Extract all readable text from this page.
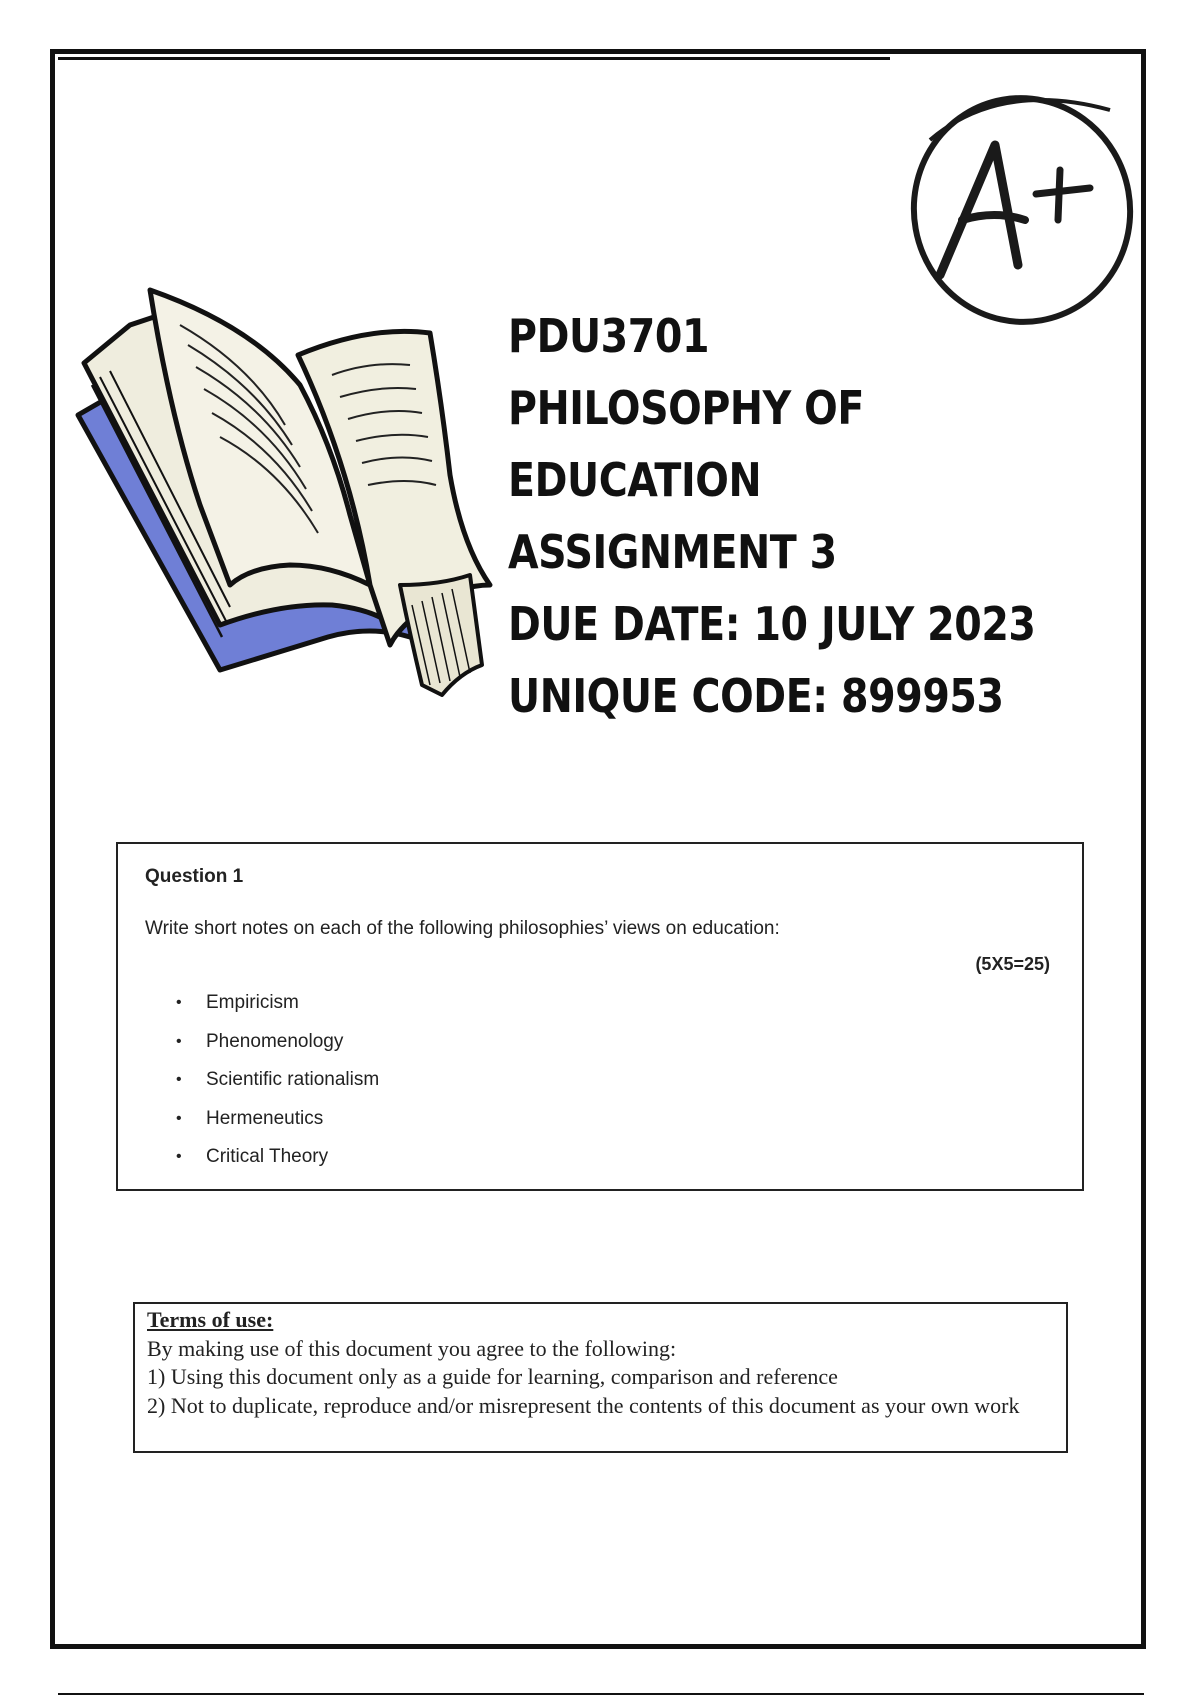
A+
PDU3701
PHILOSOPHY OF
EDUCATION
ASSIGNMENT 3
DUE DATE: 10 JULY 2023
UNIQUE CODE: 899953
Question 1
Write short notes on each of the following philosophies’ views on education:
(5X5=25)
• Empiricism
• Phenomenology
• Scientific rationalism
• Hermeneutics
• Critical Theory
Terms of use:
By making use of this document you agree to the following:
1) Using this document only as a guide for learning, comparison and reference
2) Not to duplicate, reproduce and/or misrepresent the contents of this document as your own work
